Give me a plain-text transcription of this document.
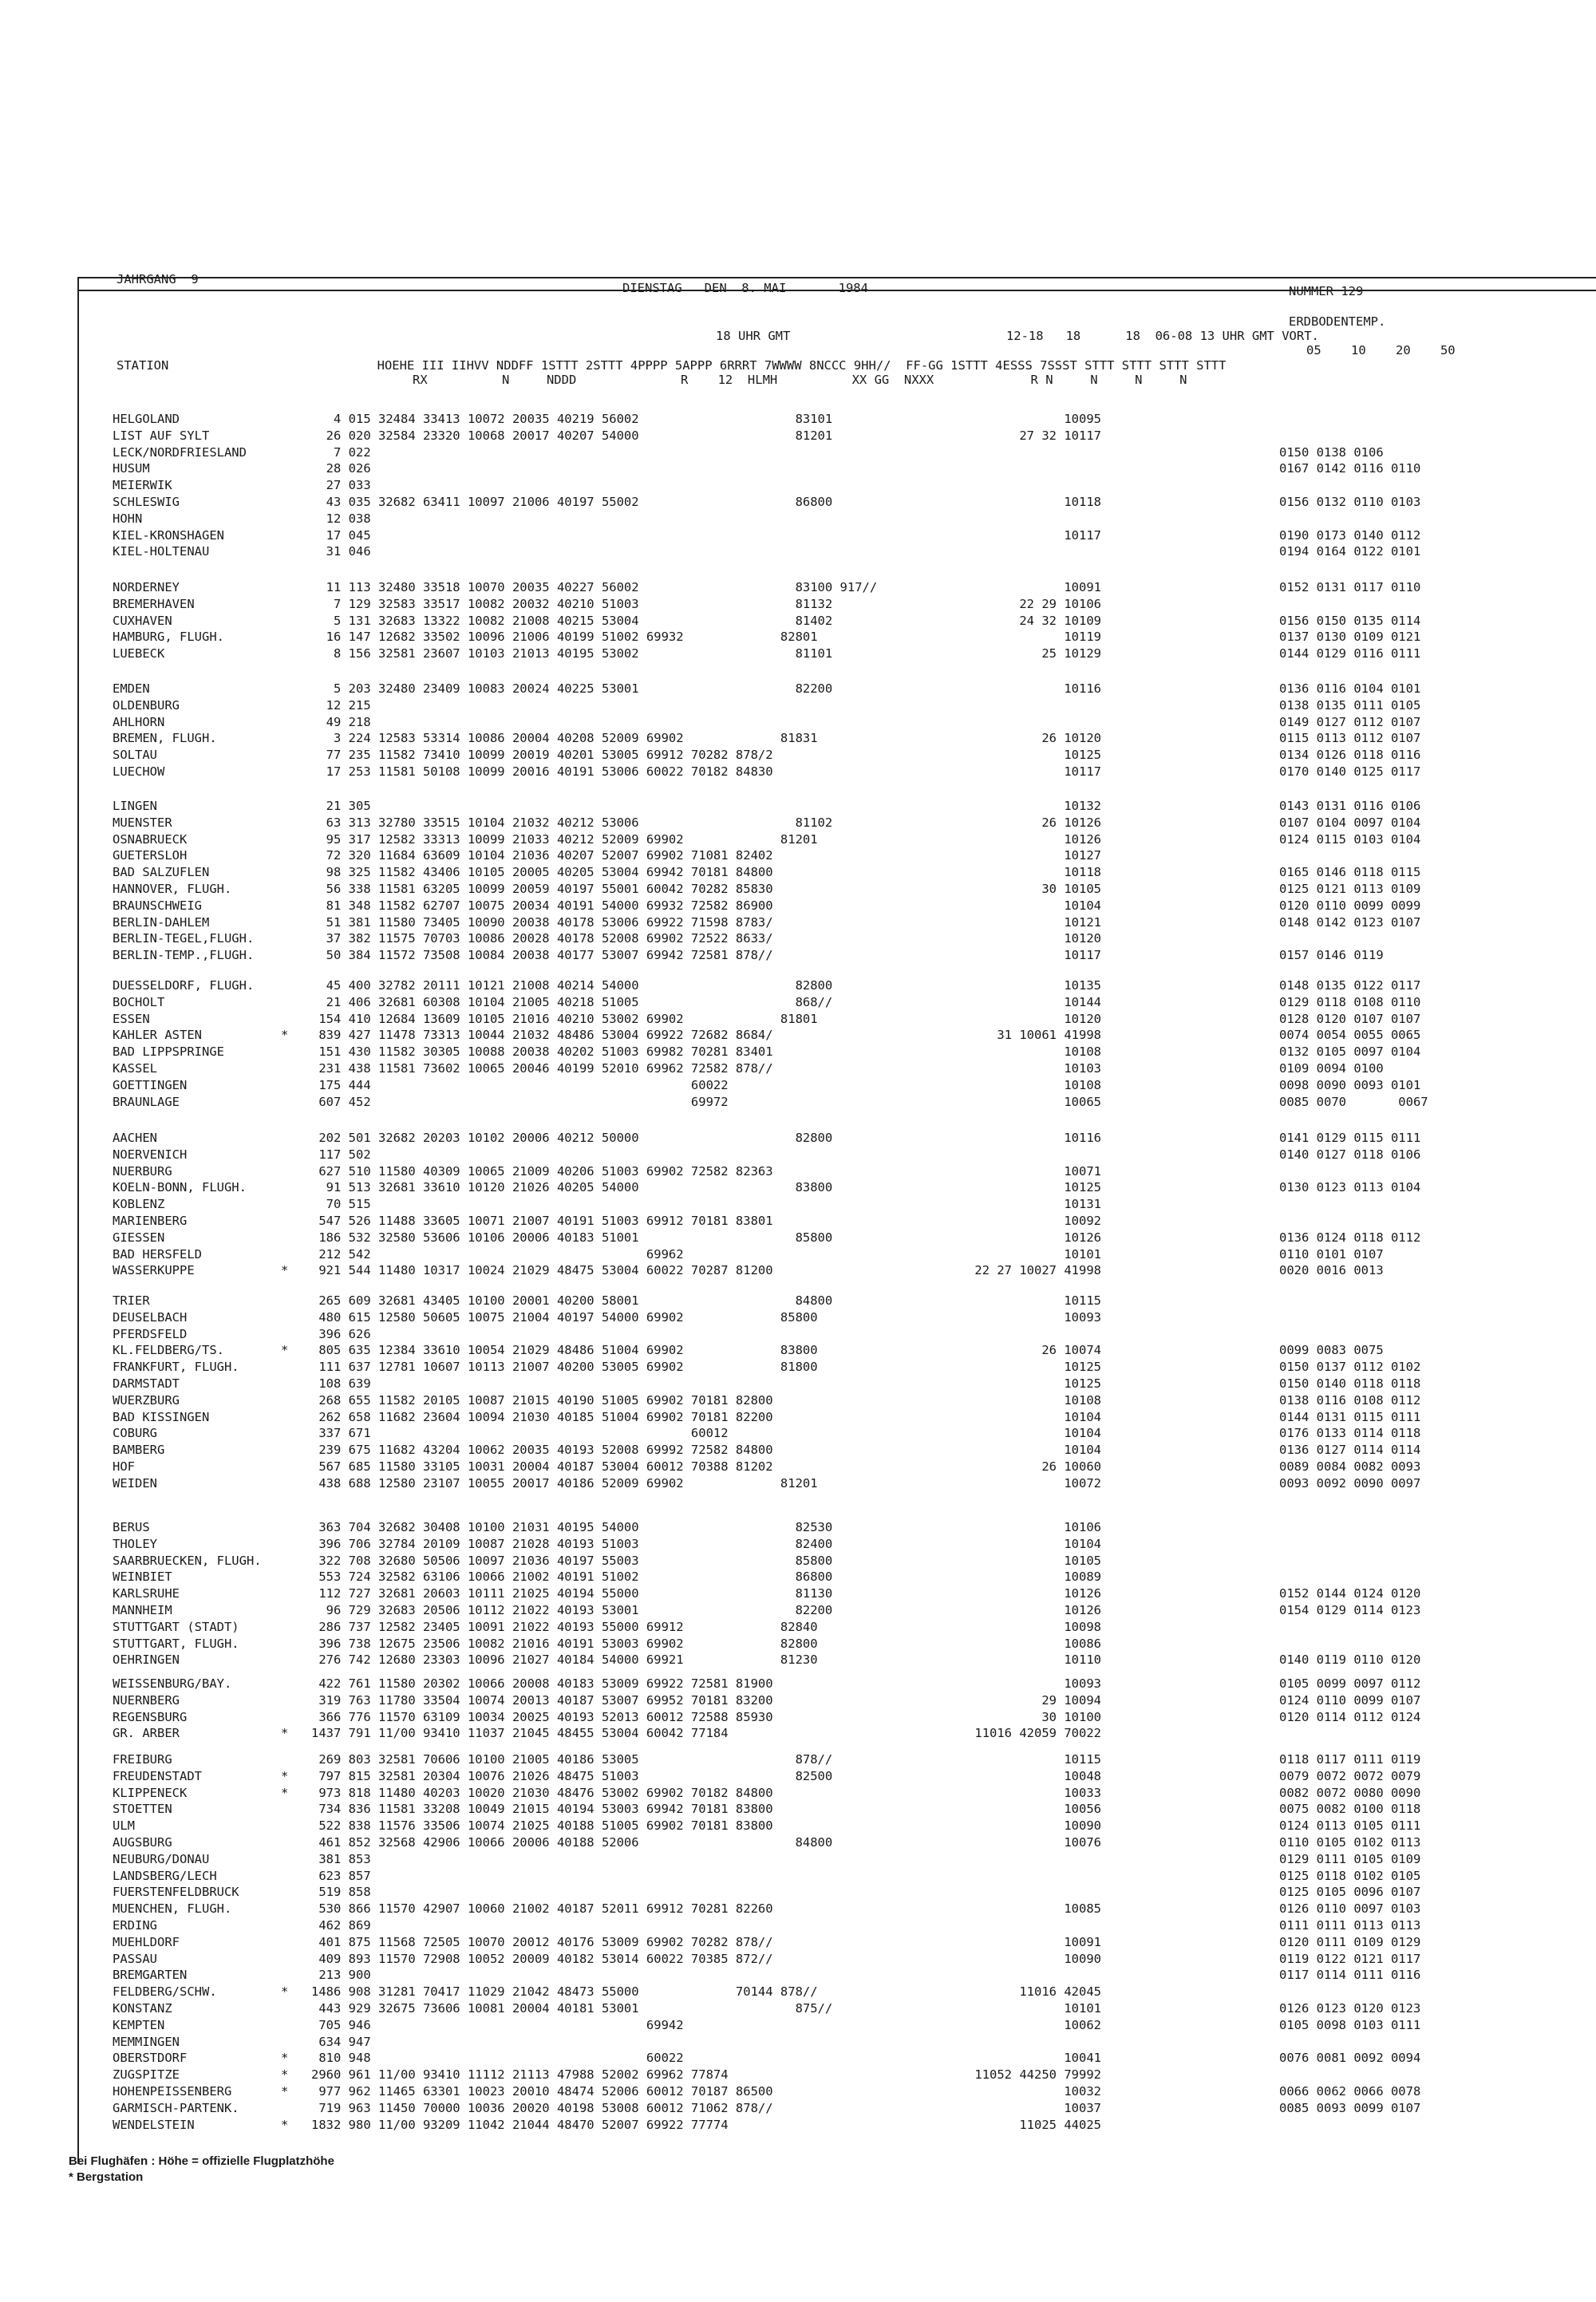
JAHRGANG  9
DIENSTAG   DEN  8. MAI       1984	NUMMER 129
ERDBODENTEMP.
18 UHR GMT                             12-18   18      18  06-08 13 UHR GMT VORT.
05    10    20    50
STATION                            HOEHE III IIHVV NDDFF 1STTT 2STTT 4PPPP 5APPP 6RRRT 7WWWW 8NCCC 9HH//  FF-GG 1STTT 4ESSS 7SSST STTT STTT STTT STTT
RX          N     NDDD              R    12  HLMH          XX GG  NXXX             R N     N     N     N
HELGOLAND	4 015 32484 33413 10072 20035 40219 56002                     83101	10095
LIST AUF SYLT	26 020 32584 23320 10068 20017 40207 54000                     81201	27 32 10117
LECK/NORDFRIESLAND	7 022	0150 0138 0106
HUSUM	28 026	0167 0142 0116 0110
MEIERWIK	27 033
SCHLESWIG	43 035 32682 63411 10097 21006 40197 55002                     86800	10118	0156 0132 0110 0103
HOHN	12 038
KIEL-KRONSHAGEN	17 045	10117	0190 0173 0140 0112
KIEL-HOLTENAU	31 046	0194 0164 0122 0101
NORDERNEY	11 113 32480 33518 10070 20035 40227 56002                     83100 917//	10091	0152 0131 0117 0110
BREMERHAVEN	7 129 32583 33517 10082 20032 40210 51003                     81132	22 29 10106
CUXHAVEN	5 131 32683 13322 10082 21008 40215 53004                     81402	24 32 10109	0156 0150 0135 0114
HAMBURG, FLUGH.	16 147 12682 33502 10096 21006 40199 51002 69932             82801	10119	0137 0130 0109 0121
LUEBECK	8 156 32581 23607 10103 21013 40195 53002                     81101	25 10129	0144 0129 0116 0111
EMDEN	5 203 32480 23409 10083 20024 40225 53001                     82200	10116	0136 0116 0104 0101
OLDENBURG	12 215	0138 0135 0111 0105
AHLHORN	49 218	0149 0127 0112 0107
BREMEN, FLUGH.	3 224 12583 53314 10086 20004 40208 52009 69902             81831	26 10120	0115 0113 0112 0107
SOLTAU	77 235 11582 73410 10099 20019 40201 53005 69912 70282 878/2	10125	0134 0126 0118 0116
LUECHOW	17 253 11581 50108 10099 20016 40191 53006 60022 70182 84830	10117	0170 0140 0125 0117
LINGEN	21 305	10132	0143 0131 0116 0106
MUENSTER	63 313 32780 33515 10104 21032 40212 53006                     81102	26 10126	0107 0104 0097 0104
OSNABRUECK	95 317 12582 33313 10099 21033 40212 52009 69902             81201	10126	0124 0115 0103 0104
GUETERSLOH	72 320 11684 63609 10104 21036 40207 52007 69902 71081 82402	10127
BAD SALZUFLEN	98 325 11582 43406 10105 20005 40205 53004 69942 70181 84800	10118	0165 0146 0118 0115
HANNOVER, FLUGH.	56 338 11581 63205 10099 20059 40197 55001 60042 70282 85830	30 10105	0125 0121 0113 0109
BRAUNSCHWEIG	81 348 11582 62707 10075 20034 40191 54000 69932 72582 86900	10104	0120 0110 0099 0099
BERLIN-DAHLEM	51 381 11580 73405 10090 20038 40178 53006 69922 71598 8783/	10121	0148 0142 0123 0107
BERLIN-TEGEL,FLUGH.	37 382 11575 70703 10086 20028 40178 52008 69902 72522 8633/	10120
BERLIN-TEMP.,FLUGH.	50 384 11572 73508 10084 20038 40177 53007 69942 72581 878//	10117	0157 0146 0119
DUESSELDORF, FLUGH.	45 400 32782 20111 10121 21008 40214 54000                     82800	10135	0148 0135 0122 0117
BOCHOLT	21 406 32681 60308 10104 21005 40218 51005                     868//	10144	0129 0118 0108 0110
ESSEN	154 410 12684 13609 10105 21016 40210 53002 69902             81801	10120	0128 0120 0107 0107
KAHLER ASTEN	* 839 427 11478 73313 10044 21032 48486 53004 69922 72682 8684/	31 10061 41998	0074 0054 0055 0065
BAD LIPPSPRINGE	151 430 11582 30305 10088 20038 40202 51003 69982 70281 83401	10108	0132 0105 0097 0104
KASSEL	231 438 11581 73602 10065 20046 40199 52010 69962 72582 878//	10103	0109 0094 0100
GOETTINGEN	175 444                                           60022	10108	0098 0090 0093 0101
BRAUNLAGE	607 452                                           69972	10065	0085 0070       0067
AACHEN	202 501 32682 20203 10102 20006 40212 50000                     82800	10116	0141 0129 0115 0111
NOERVENICH	117 502	0140 0127 0118 0106
NUERBURG	627 510 11580 40309 10065 21009 40206 51003 69902 72582 82363	10071
KOELN-BONN, FLUGH.	91 513 32681 33610 10120 21026 40205 54000                     83800	10125	0130 0123 0113 0104
KOBLENZ	70 515	10131
MARIENBERG	547 526 11488 33605 10071 21007 40191 51003 69912 70181 83801	10092
GIESSEN	186 532 32580 53606 10106 20006 40183 51001                     85800	10126	0136 0124 0118 0112
BAD HERSFELD	212 542                                     69962	10101	0110 0101 0107
WASSERKUPPE	* 921 544 11480 10317 10024 21029 48475 53004 60022 70287 81200	22 27 10027 41998	0020 0016 0013
TRIER	265 609 32681 43405 10100 20001 40200 58001                     84800	10115
DEUSELBACH	480 615 12580 50605 10075 21004 40197 54000 69902             85800	10093
PFERDSFELD	396 626
KL.FELDBERG/TS.	* 805 635 12384 33610 10054 21029 48486 51004 69902             83800	26 10074	0099 0083 0075
FRANKFURT, FLUGH.	111 637 12781 10607 10113 21007 40200 53005 69902             81800	10125	0150 0137 0112 0102
DARMSTADT	108 639	10125	0150 0140 0118 0118
WUERZBURG	268 655 11582 20105 10087 21015 40190 51005 69902 70181 82800	10108	0138 0116 0108 0112
BAD KISSINGEN	262 658 11682 23604 10094 21030 40185 51004 69902 70181 82200	10104	0144 0131 0115 0111
COBURG	337 671                                           60012	10104	0176 0133 0114 0118
BAMBERG	239 675 11682 43204 10062 20035 40193 52008 69992 72582 84800	10104	0136 0127 0114 0114
HOF	567 685 11580 33105 10031 20004 40187 53004 60012 70388 81202	26 10060	0089 0084 0082 0093
WEIDEN	438 688 12580 23107 10055 20017 40186 52009 69902             81201	10072	0093 0092 0090 0097
BERUS	363 704 32682 30408 10100 21031 40195 54000                     82530	10106
THOLEY	396 706 32784 20109 10087 21028 40193 51003                     82400	10104
SAARBRUECKEN, FLUGH.	322 708 32680 50506 10097 21036 40197 55003                     85800	10105
WEINBIET	553 724 32582 63106 10066 21002 40191 51002                     86800	10089
KARLSRUHE	112 727 32681 20603 10111 21025 40194 55000                     81130	10126	0152 0144 0124 0120
MANNHEIM	96 729 32683 20506 10112 21022 40193 53001                     82200	10126	0154 0129 0114 0123
STUTTGART (STADT)	286 737 12582 23405 10091 21022 40193 55000 69912             82840	10098
STUTTGART, FLUGH.	396 738 12675 23506 10082 21016 40191 53003 69902             82800	10086
OEHRINGEN	276 742 12680 23303 10096 21027 40184 54000 69921             81230	10110	0140 0119 0110 0120
WEISSENBURG/BAY.	422 761 11580 20302 10066 20008 40183 53009 69922 72581 81900	10093	0105 0099 0097 0112
NUERNBERG	319 763 11780 33504 10074 20013 40187 53007 69952 70181 83200	29 10094	0124 0110 0099 0107
REGENSBURG	366 776 11570 63109 10034 20025 40193 52013 60012 72588 85930	30 10100	0120 0114 0112 0124
GR. ARBER	* 1437 791 11/00 93410 11037 21045 48455 53004 60042 77184	11016 42059 70022
FREIBURG	269 803 32581 70606 10100 21005 40186 53005                     878//	10115	0118 0117 0111 0119
FREUDENSTADT	* 797 815 32581 20304 10076 21026 48475 51003                     82500	10048	0079 0072 0072 0079
KLIPPENECK	* 973 818 11480 40203 10020 21030 48476 53002 69902 70182 84800	10033	0082 0072 0080 0090
STOETTEN	734 836 11581 33208 10049 21015 40194 53003 69942 70181 83800	10056	0075 0082 0100 0118
ULM	522 838 11576 33506 10074 21025 40188 51005 69902 70181 83800	10090	0124 0113 0105 0111
AUGSBURG	461 852 32568 42906 10066 20006 40188 52006                     84800	10076	0110 0105 0102 0113
NEUBURG/DONAU	381 853	0129 0111 0105 0109
LANDSBERG/LECH	623 857	0125 0118 0102 0105
FUERSTENFELDBRUCK	519 858	0125 0105 0096 0107
MUENCHEN, FLUGH.	530 866 11570 42907 10060 21002 40187 52011 69912 70281 82260	10085	0126 0110 0097 0103
ERDING	462 869	0111 0111 0113 0113
MUEHLDORF	401 875 11568 72505 10070 20012 40176 53009 69902 70282 878//	10091	0120 0111 0109 0129
PASSAU	409 893 11570 72908 10052 20009 40182 53014 60022 70385 872//	10090	0119 0122 0121 0117
BREMGARTEN	213 900	0117 0114 0111 0116
FELDBERG/SCHW.	* 1486 908 31281 70417 11029 21042 48473 55000             70144 878//	11016 42045
KONSTANZ	443 929 32675 73606 10081 20004 40181 53001                     875//	10101	0126 0123 0120 0123
KEMPTEN	705 946                                     69942	10062	0105 0098 0103 0111
MEMMINGEN	634 947
OBERSTDORF	* 810 948                                     60022	10041	0076 0081 0092 0094
ZUGSPITZE	* 2960 961 11/00 93410 11112 21113 47988 52002 69962 77874	11052 44250 79992
HOHENPEISSENBERG	* 977 962 11465 63301 10023 20010 48474 52006 60012 70187 86500	10032	0066 0062 0066 0078
GARMISCH-PARTENK.	719 963 11450 70000 10036 20020 40198 53008 60012 71062 878//	10037	0085 0093 0099 0107
WENDELSTEIN	* 1832 980 11/00 93209 11042 21044 48470 52007 69922 77774	11025 44025
Bei Flughäfen : Höhe = offizielle Flugplatzhöhe
* Bergstation
